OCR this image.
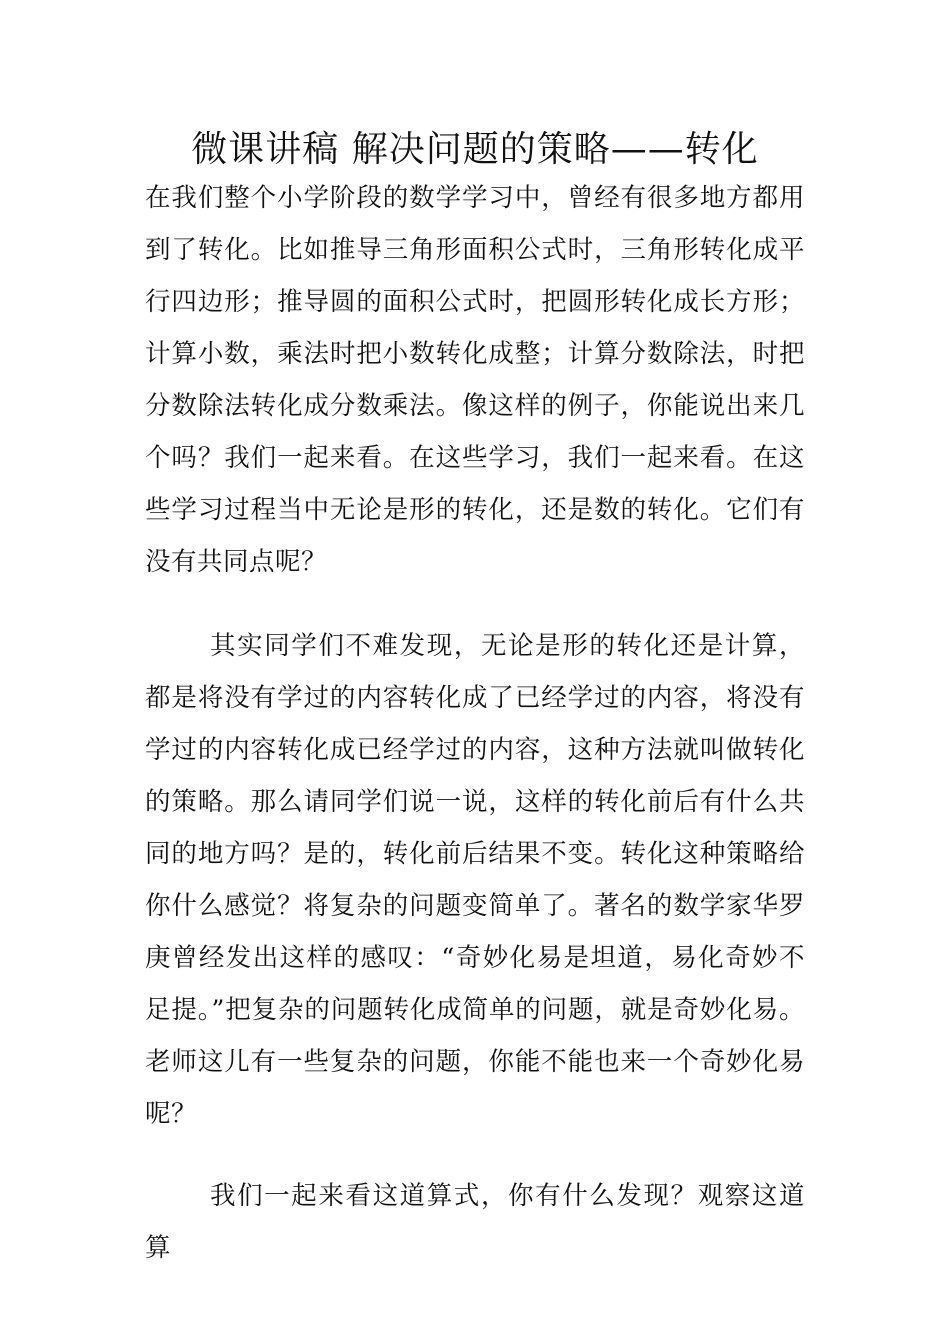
微课讲稿 解决问题的策略——转化

在我们整个小学阶段的数学学习中，曾经有很多地方都用到了转化。比如推导三角形面积公式时，三角形转化成平行四边形；推导圆的面积公式时，把圆形转化成长方形；计算小数，乘法时把小数转化成整；计算分数除法，时把分数除法转化成分数乘法。像这样的例子，你能说出来几个吗？我们一起来看。在这些学习，我们一起来看。在这些学习过程当中无论是形的转化，还是数的转化。它们有没有共同点呢？

其实同学们不难发现，无论是形的转化还是计算，都是将没有学过的内容转化成了已经学过的内容，将没有学过的内容转化成已经学过的内容，这种方法就叫做转化的策略。那么请同学们说一说，这样的转化前后有什么共同的地方吗？是的，转化前后结果不变。转化这种策略给你什么感觉？将复杂的问题变简单了。著名的数学家华罗庚曾经发出这样的感叹：“奇妙化易是坦道，易化奇妙不足提。”把复杂的问题转化成简单的问题，就是奇妙化易。老师这儿有一些复杂的问题，你能不能也来一个奇妙化易呢？

我们一起来看这道算式，你有什么发现？观察这道算
